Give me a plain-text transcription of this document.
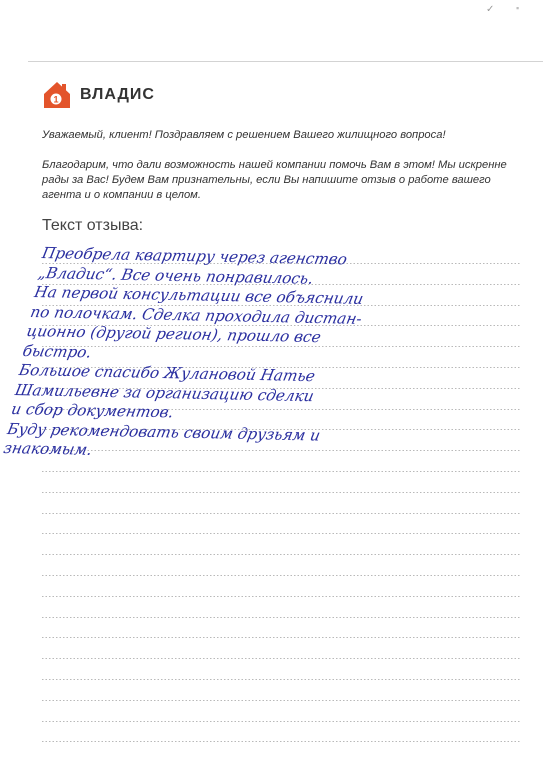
✓ ▪
1 ВЛАДИС
Уважаемый, клиент! Поздравляем с решением Вашего жилищного вопроса!
Благодарим, что дали возможность нашей компании помочь Вам в этом! Мы искренне рады за Вас! Будем Вам признательны, если Вы напишите отзыв о работе вашего агента и о компании в целом.
Текст отзыва:
Преобрела квартиру через агенство
„Владис“. Все очень понравилось.
На первой консультации все объяснили
по полочкам. Сделка проходила дистан-
ционно (другой регион), прошло все
быстро.
Большое спасибо Жулановой Натье
Шамильевне за организацию сделки
и сбор документов.
Буду рекомендовать своим друзьям и
знакомым.
